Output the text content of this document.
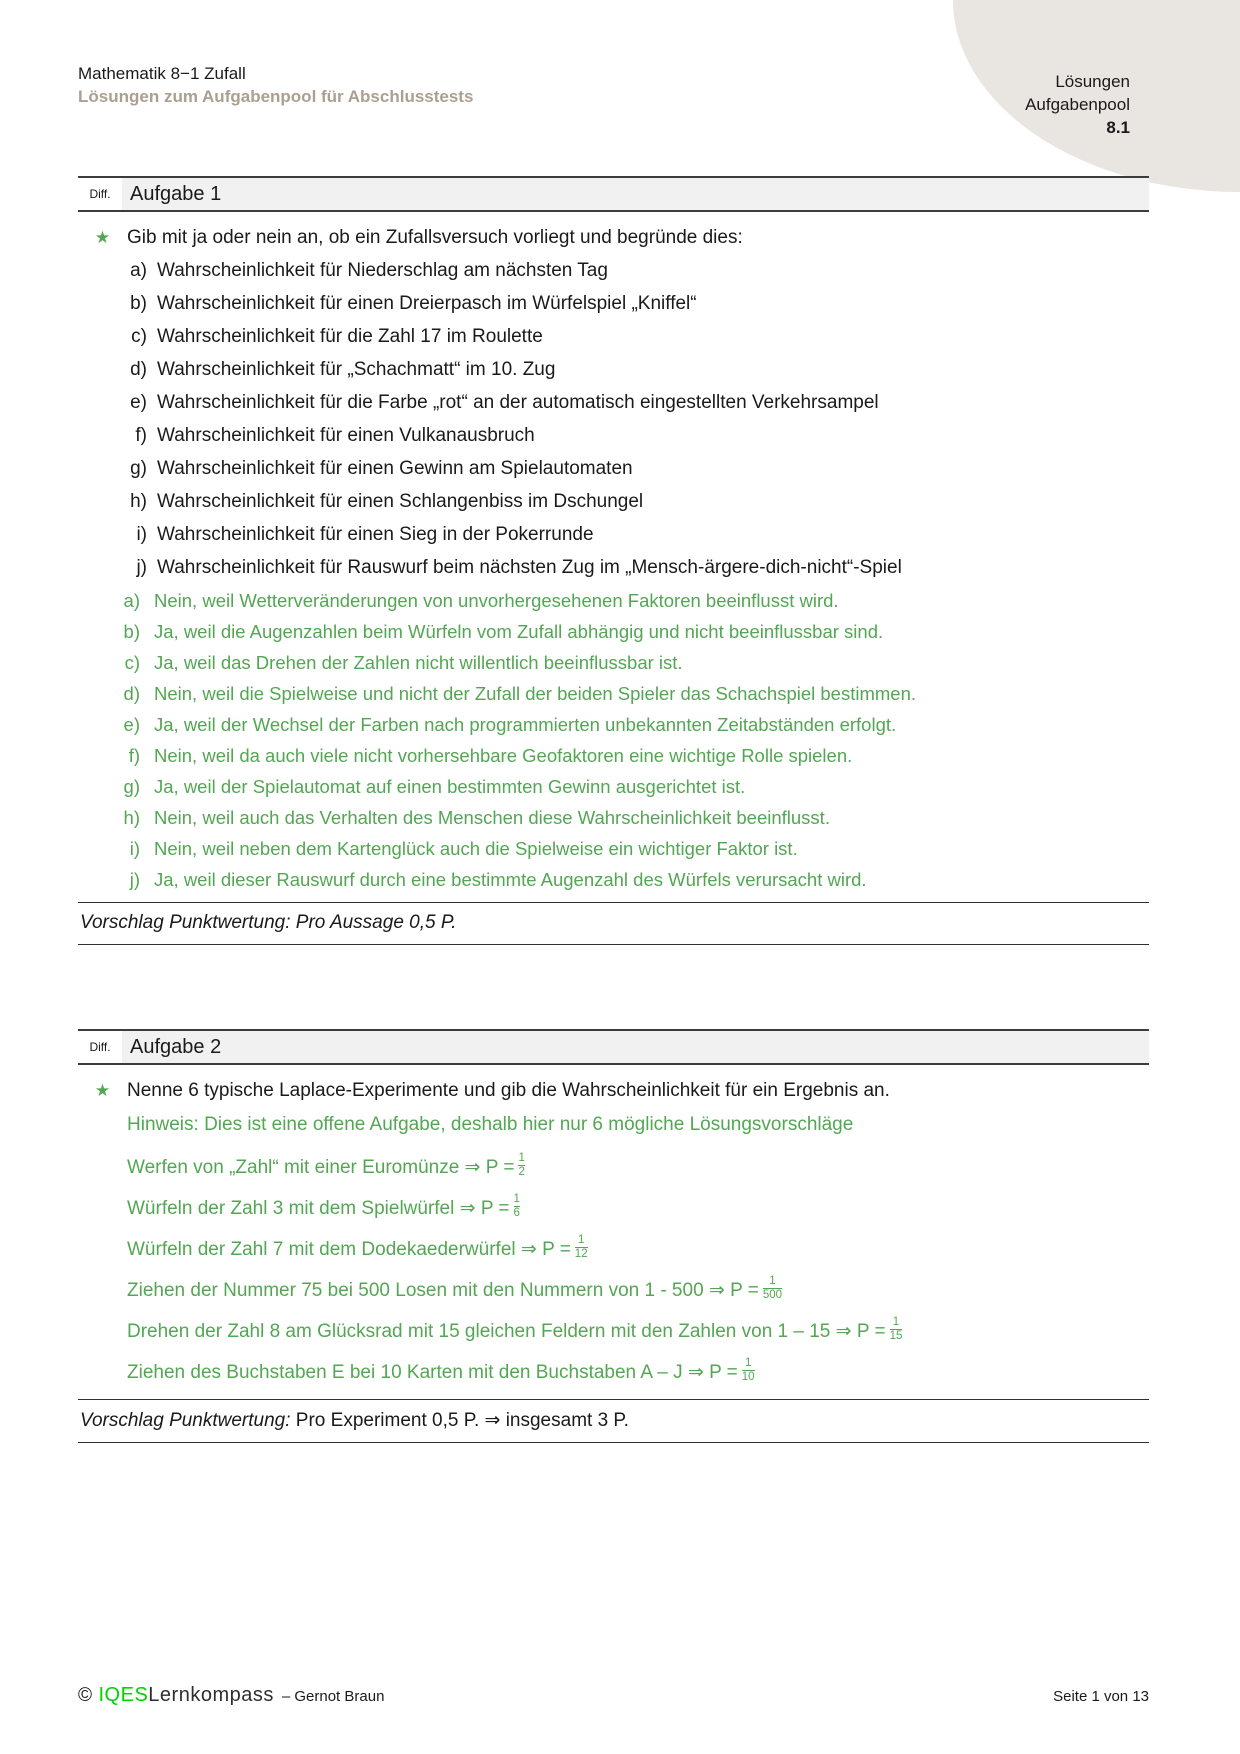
Lösungen
Aufgabenpool
8.1
Mathematik 8−1 Zufall
Lösungen zum Aufgabenpool für Abschlusstests
Diff. Aufgabe 1
★ Gib mit ja oder nein an, ob ein Zufallsversuch vorliegt und begründe dies:
a) Wahrscheinlichkeit für Niederschlag am nächsten Tag
b) Wahrscheinlichkeit für einen Dreierpasch im Würfelspiel „Kniffel“
c) Wahrscheinlichkeit für die Zahl 17 im Roulette
d) Wahrscheinlichkeit für „Schachmatt“ im 10. Zug
e) Wahrscheinlichkeit für die Farbe „rot“ an der automatisch eingestellten Verkehrsampel
f) Wahrscheinlichkeit für einen Vulkanausbruch
g) Wahrscheinlichkeit für einen Gewinn am Spielautomaten
h) Wahrscheinlichkeit für einen Schlangenbiss im Dschungel
i) Wahrscheinlichkeit für einen Sieg in der Pokerrunde
j) Wahrscheinlichkeit für Rauswurf beim nächsten Zug im „Mensch-ärgere-dich-nicht“-Spiel
a) Nein, weil Wetterveränderungen von unvorhergesehenen Faktoren beeinflusst wird.
b) Ja, weil die Augenzahlen beim Würfeln vom Zufall abhängig und nicht beeinflussbar sind.
c) Ja, weil das Drehen der Zahlen nicht willentlich beeinflussbar ist.
d) Nein, weil die Spielweise und nicht der Zufall der beiden Spieler das Schachspiel bestimmen.
e) Ja, weil der Wechsel der Farben nach programmierten unbekannten Zeitabständen erfolgt.
f) Nein, weil da auch viele nicht vorhersehbare Geofaktoren eine wichtige Rolle spielen.
g) Ja, weil der Spielautomat auf einen bestimmten Gewinn ausgerichtet ist.
h) Nein, weil auch das Verhalten des Menschen diese Wahrscheinlichkeit beeinflusst.
i) Nein, weil neben dem Kartenglück auch die Spielweise ein wichtiger Faktor ist.
j) Ja, weil dieser Rauswurf durch eine bestimmte Augenzahl des Würfels verursacht wird.
Vorschlag Punktwertung: Pro Aussage 0,5 P.
Diff. Aufgabe 2
★ Nenne 6 typische Laplace-Experimente und gib die Wahrscheinlichkeit für ein Ergebnis an.
Hinweis: Dies ist eine offene Aufgabe, deshalb hier nur 6 mögliche Lösungsvorschläge
Werfen von „Zahl“ mit einer Euromünze ⇒ $P = \frac{1}{2}$
Würfeln der Zahl 3 mit dem Spielwürfel ⇒ $P = \frac{1}{6}$
Würfeln der Zahl 7 mit dem Dodekaederwürfel ⇒ $P = \frac{1}{12}$
Ziehen der Nummer 75 bei 500 Losen mit den Nummern von 1 - 500 ⇒ $P = \frac{1}{500}$
Drehen der Zahl 8 am Glücksrad mit 15 gleichen Feldern mit den Zahlen von 1 – 15 ⇒ $P = \frac{1}{15}$
Ziehen des Buchstaben E bei 10 Karten mit den Buchstaben A – J ⇒ $P = \frac{1}{10}$
Vorschlag Punktwertung: Pro Experiment 0,5 P. ⇒ insgesamt 3 P.
© IQESLernkompass – Gernot Braun	Seite 1 von 13
